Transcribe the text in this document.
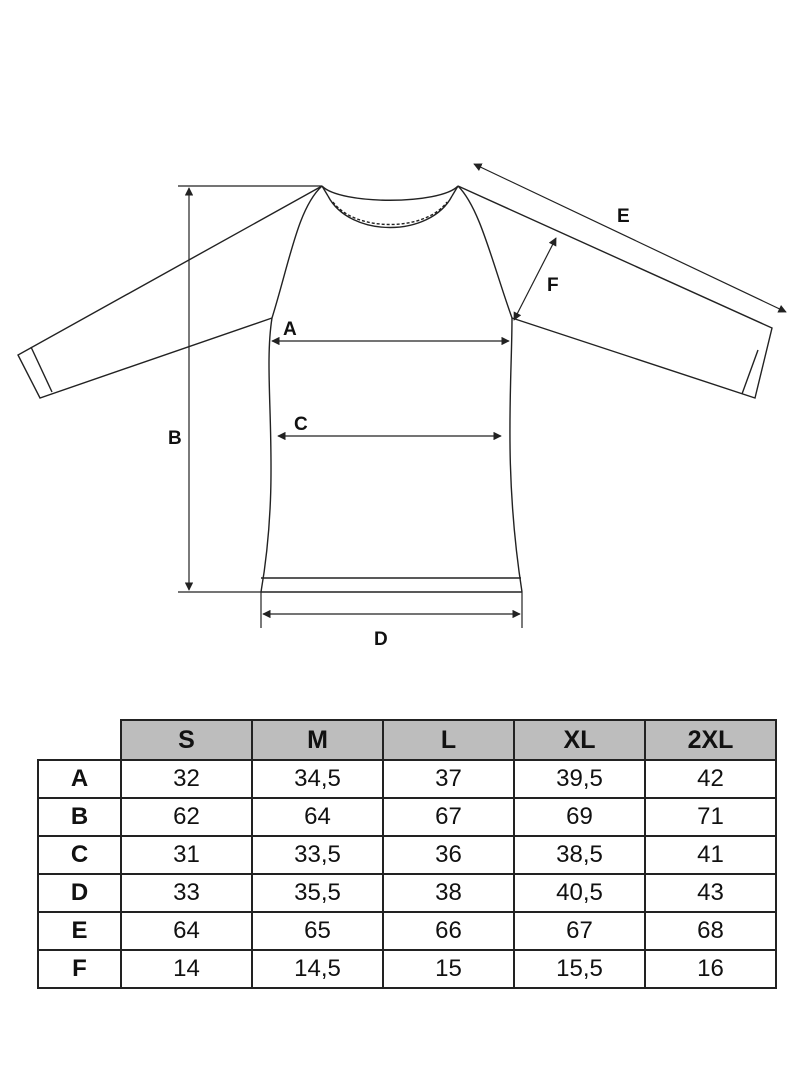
A
B
C
D
E
F
	S	M	L	XL	2XL
A	32	34,5	37	39,5	42
B	62	64	67	69	71
C	31	33,5	36	38,5	41
D	33	35,5	38	40,5	43
E	64	65	66	67	68
F	14	14,5	15	15,5	16
